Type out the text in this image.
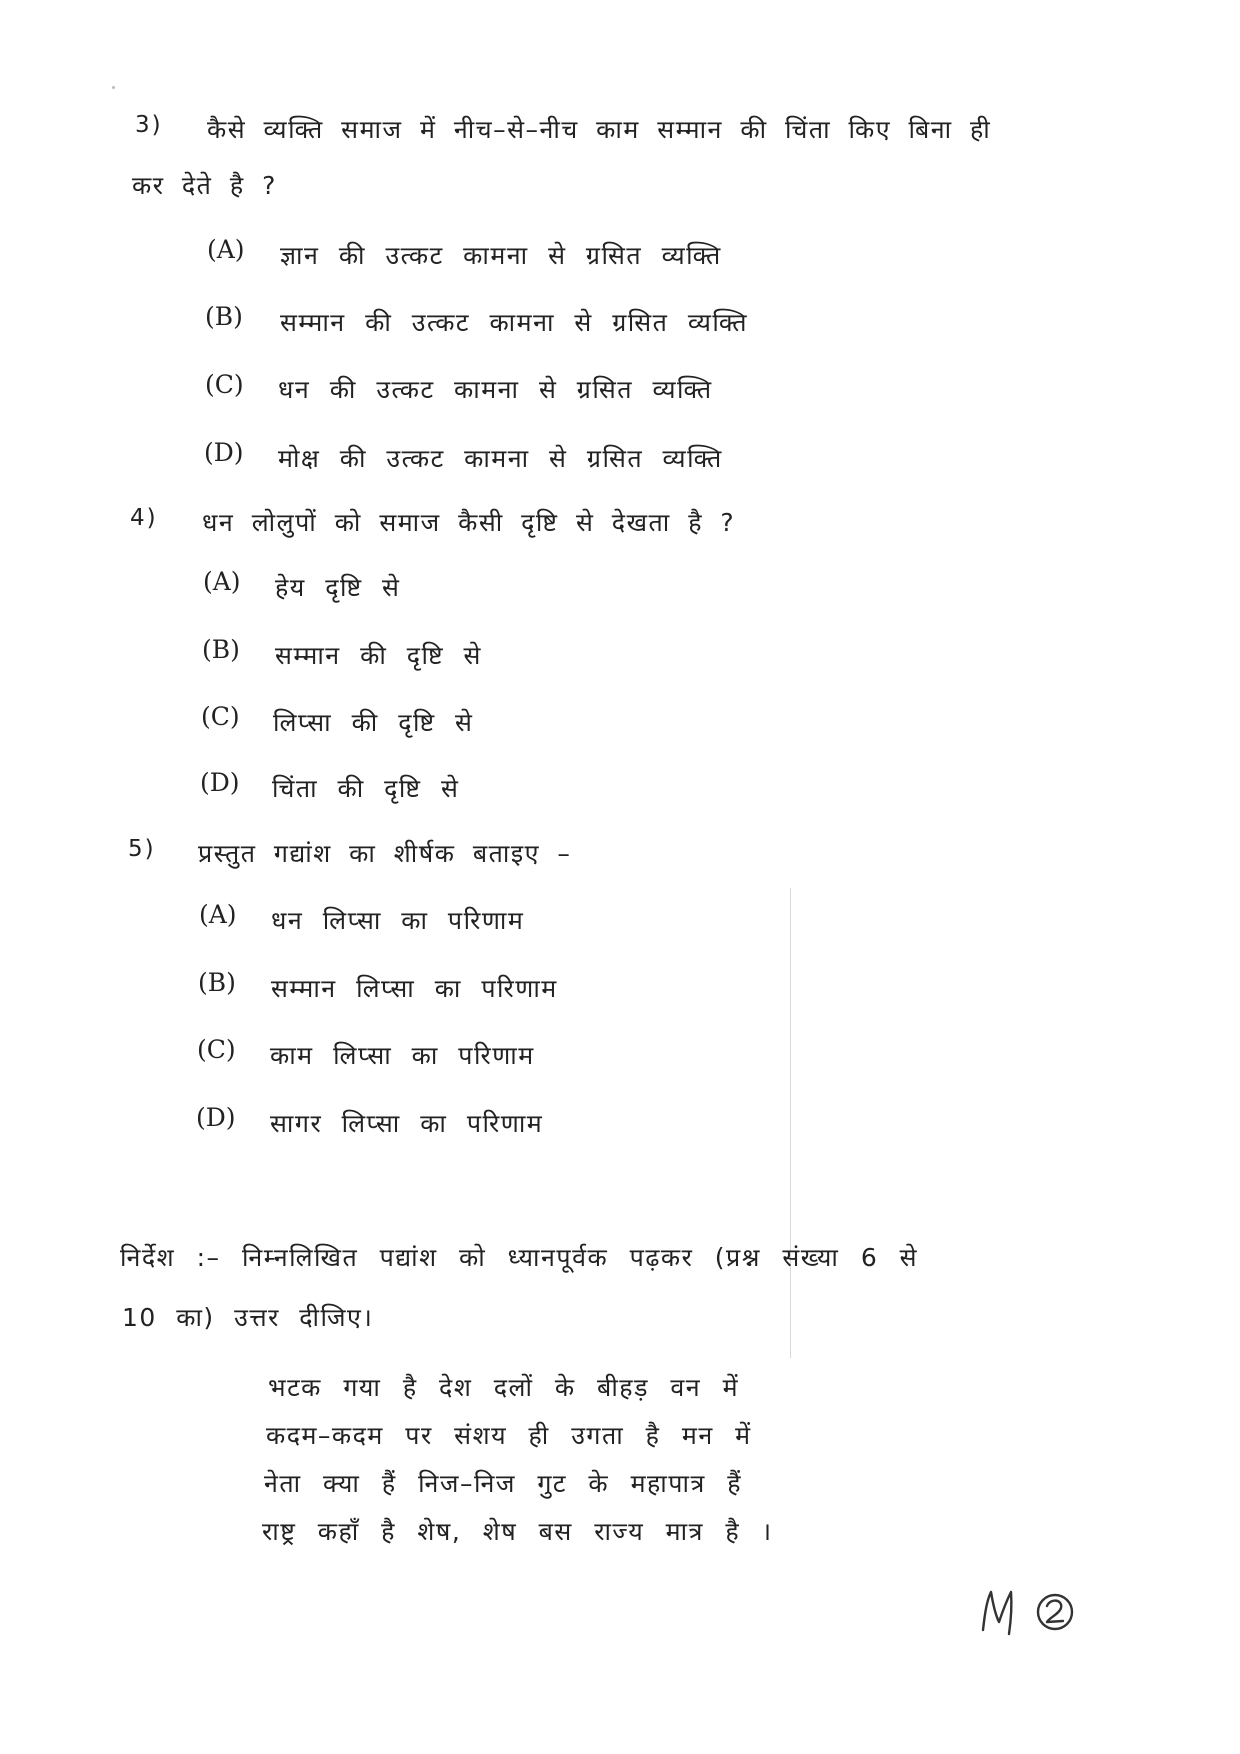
3) कैसे व्यक्ति समाज में नीच–से–नीच काम सम्मान की चिंता किए बिना ही
कर देते है ?
(A) ज्ञान की उत्कट कामना से ग्रसित व्यक्ति
(B) सम्मान की उत्कट कामना से ग्रसित व्यक्ति
(C) धन की उत्कट कामना से ग्रसित व्यक्ति
(D) मोक्ष की उत्कट कामना से ग्रसित व्यक्ति
4) धन लोलुपों को समाज कैसी दृष्टि से देखता है ?
(A) हेय दृष्टि से
(B) सम्मान की दृष्टि से
(C) लिप्सा की दृष्टि से
(D) चिंता की दृष्टि से
5) प्रस्तुत गद्यांश का शीर्षक बताइए –
(A) धन लिप्सा का परिणाम
(B) सम्मान लिप्सा का परिणाम
(C) काम लिप्सा का परिणाम
(D) सागर लिप्सा का परिणाम
निर्देश :– निम्नलिखित पद्यांश को ध्यानपूर्वक पढ़कर (प्रश्न संख्या 6 से
10 का) उत्तर दीजिए।
भटक गया है देश दलों के बीहड़ वन में
कदम–कदम पर संशय ही उगता है मन में
नेता क्या हैं निज–निज गुट के महापात्र हैं
राष्ट्र कहाँ है शेष, शेष बस राज्य मात्र है ।
